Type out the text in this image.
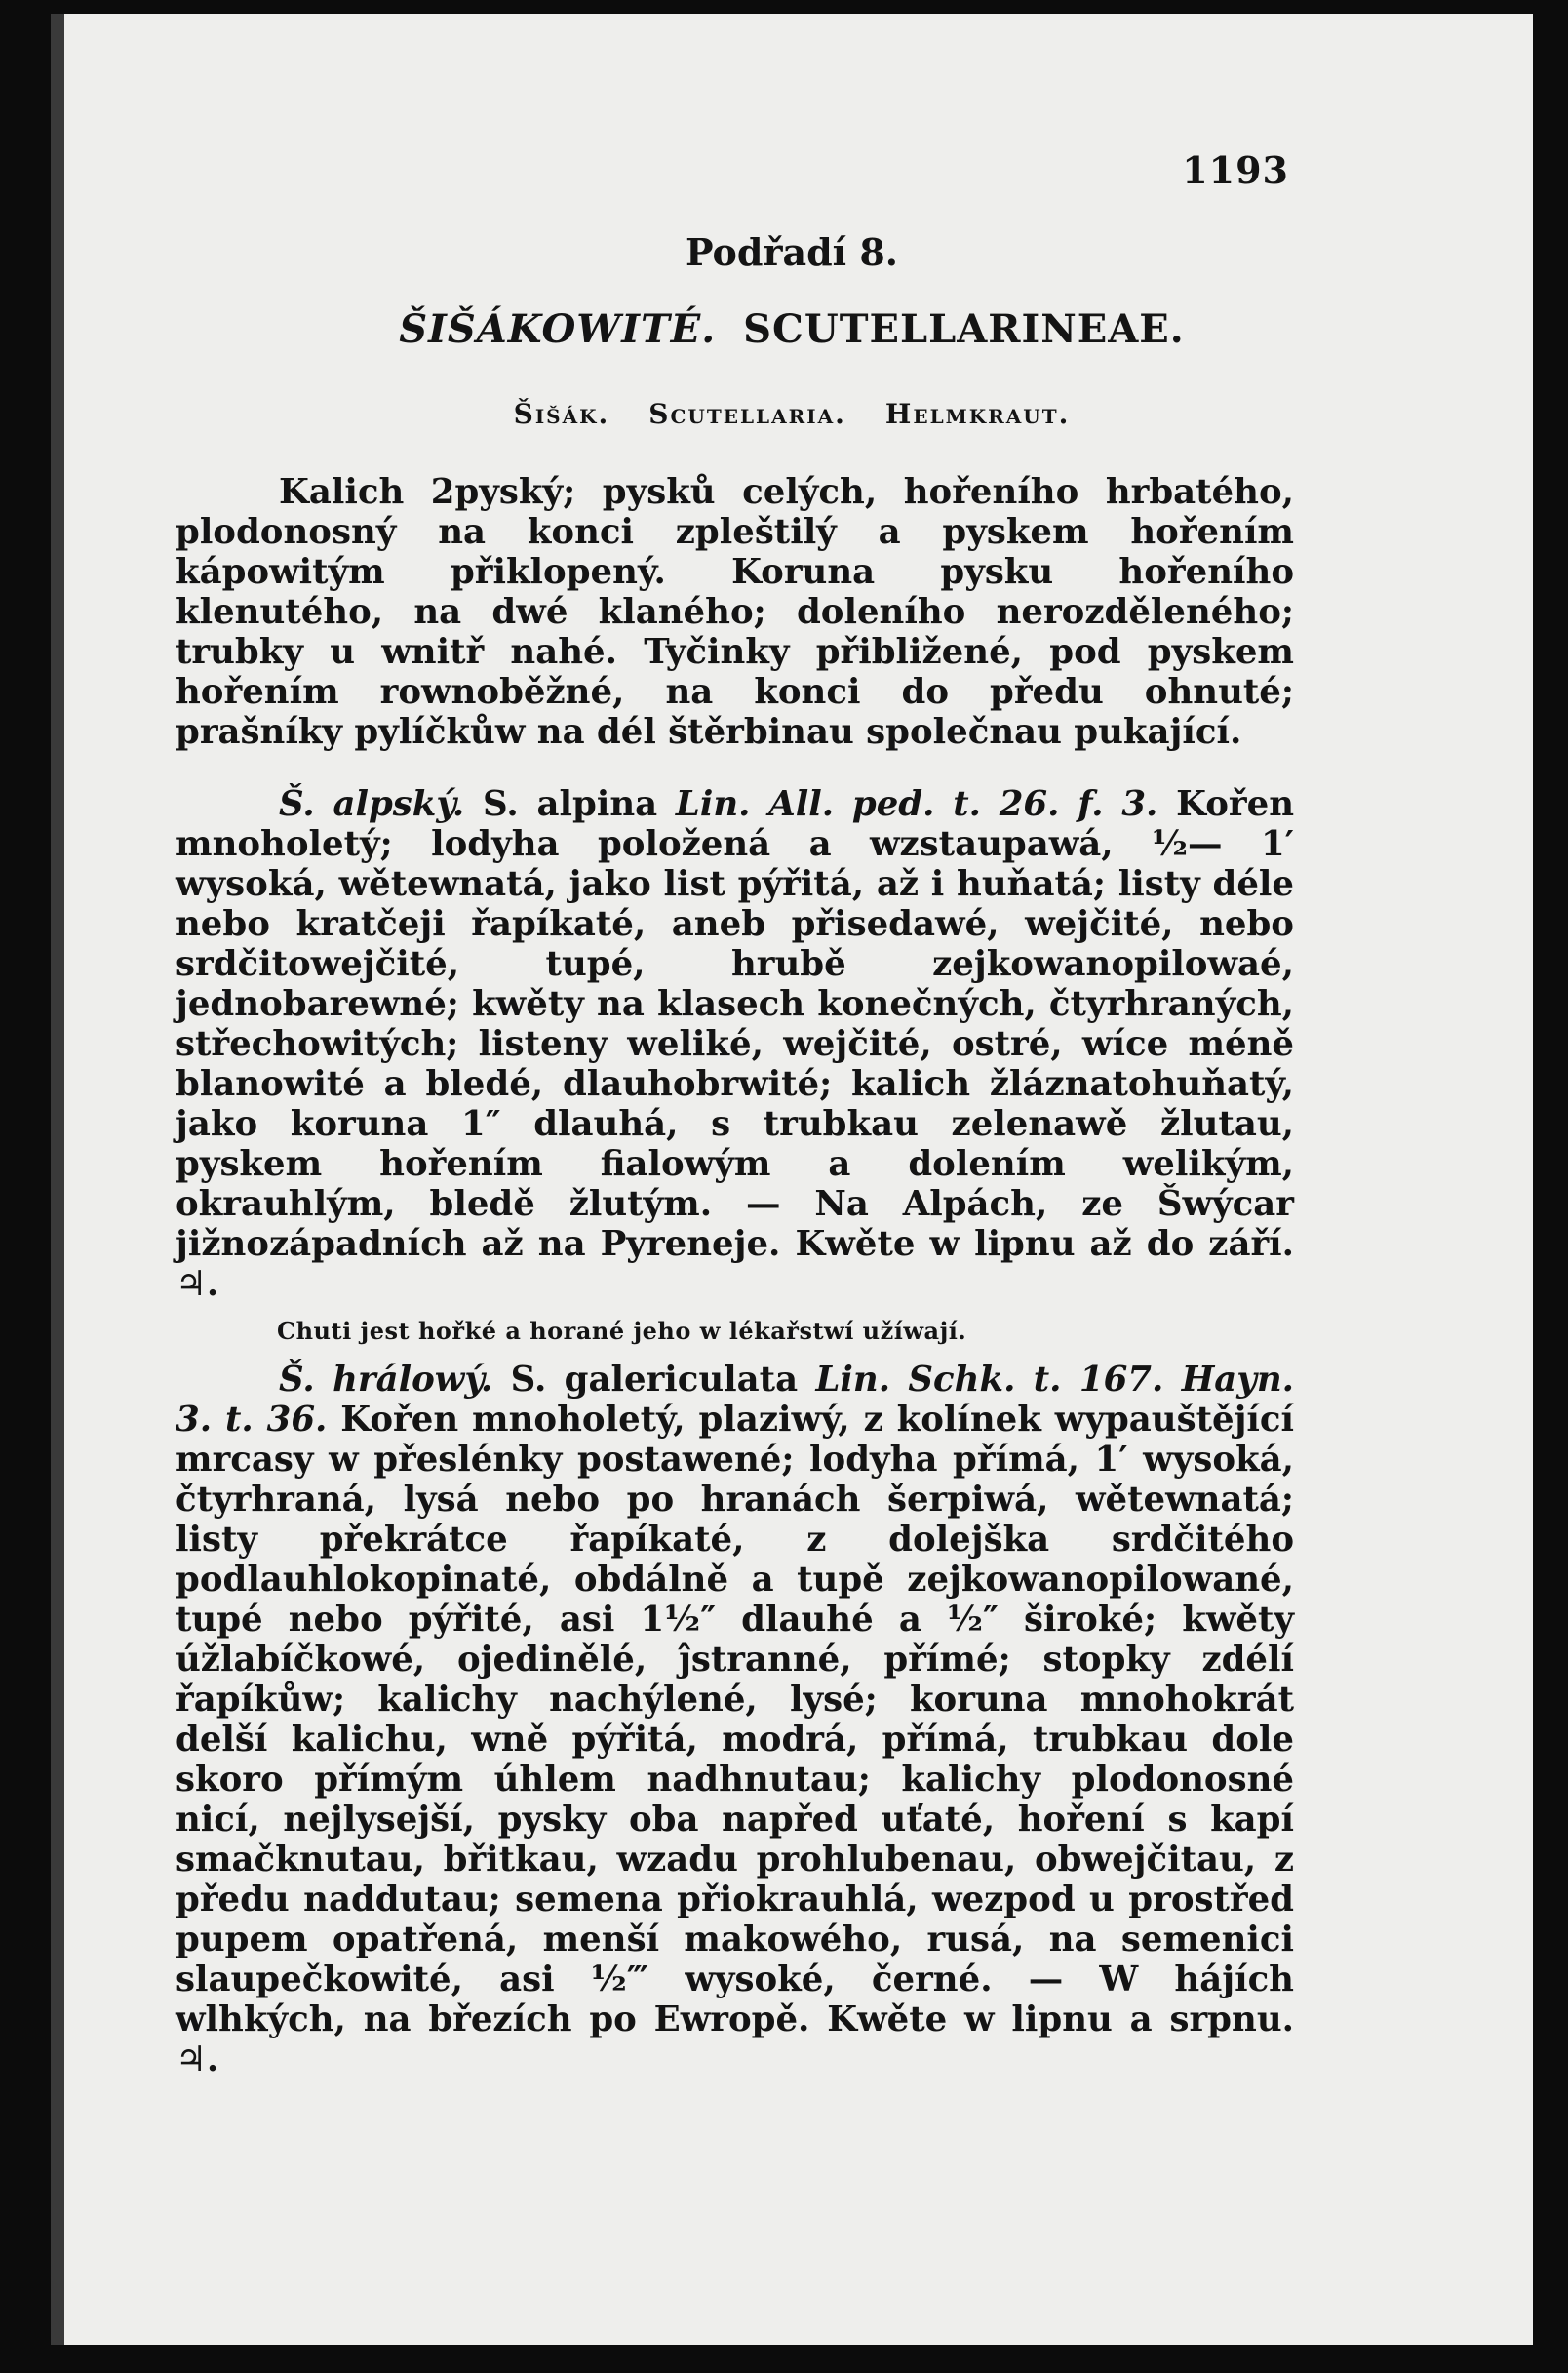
1193
Podřadí 8.
ŠIŠÁKOWITÉ. SCUTELLARINEAE.
Šišák. Scutellaria. Helmkraut.

Kalich 2pyský; pysků celých, hořeního hrbatého, plodonosný na konci zpleštilý a pyskem hořením kápowitým přiklopený. Koruna pysku hořeního klenutého, na dwé klaného; doleního nerozděleného; trubky u wnitř nahé. Tyčinky přibližené, pod pyskem hořením rownoběžné, na konci do předu ohnuté; prašníky pylíčkůw na dél štěrbinau společnau pukající.

Š. alpský. S. alpina Lin. All. ped. t. 26. f. 3. Kořen mnoholetý; lodyha položená a wzstaupawá, ½— 1′ wysoká, wětewnatá, jako list pýřitá, až i huňatá; listy déle nebo kratčeji řapíkaté, aneb přisedawé, wejčité, nebo srdčitowejčité, tupé, hrubě zejkowanopilowaé, jednobarewné; kwěty na klasech konečných, čtyrhraných, střechowitých; listeny weliké, wejčité, ostré, wíce méně blanowité a bledé, dlauhobrwité; kalich žláznatohuňatý, jako koruna 1″ dlauhá, s trubkau zelenawě žlutau, pyskem hořením fialowým a dolením welikým, okrauhlým, bledě žlutým. — Na Alpách, ze Šwýcar jižnozápadních až na Pyreneje. Kwěte w lipnu až do září. ♃.

Chuti jest hořké a horané jeho w lékařstwí užíwají.

Š. hrálowý. S. galericulata Lin. Schk. t. 167. Hayn. 3. t. 36. Kořen mnoholetý, plaziwý, z kolínek wypauštějící mrcasy w přeslénky postawené; lodyha přímá, 1′ wysoká, čtyrhraná, lysá nebo po hranách šerpiwá, wětewnatá; listy překrátce řapíkaté, z dolejška srdčitého podlauhlokopinaté, obdálně a tupě zejkowanopilowané, tupé nebo pýřité, asi 1½″ dlauhé a ½″ široké; kwěty úžlabíčkowé, ojedinělé, ĵstranné, přímé; stopky zdélí řapíkůw; kalichy nachýlené, lysé; koruna mnohokrát delší kalichu, wně pýřitá, modrá, přímá, trubkau dole skoro přímým úhlem nadhnutau; kalichy plodonosné nicí, nejlysejší, pysky oba napřed uťaté, hoření s kapí smačknutau, břitkau, wzadu prohlubenau, obwejčitau, z předu naddutau; semena přiokrauhlá, wezpod u prostřed pupem opatřená, menší makowého, rusá, na semenici slaupečkowité, asi ½‴ wysoké, černé. — W hájích wlhkých, na březích po Ewropě. Kwěte w lipnu a srpnu. ♃.
